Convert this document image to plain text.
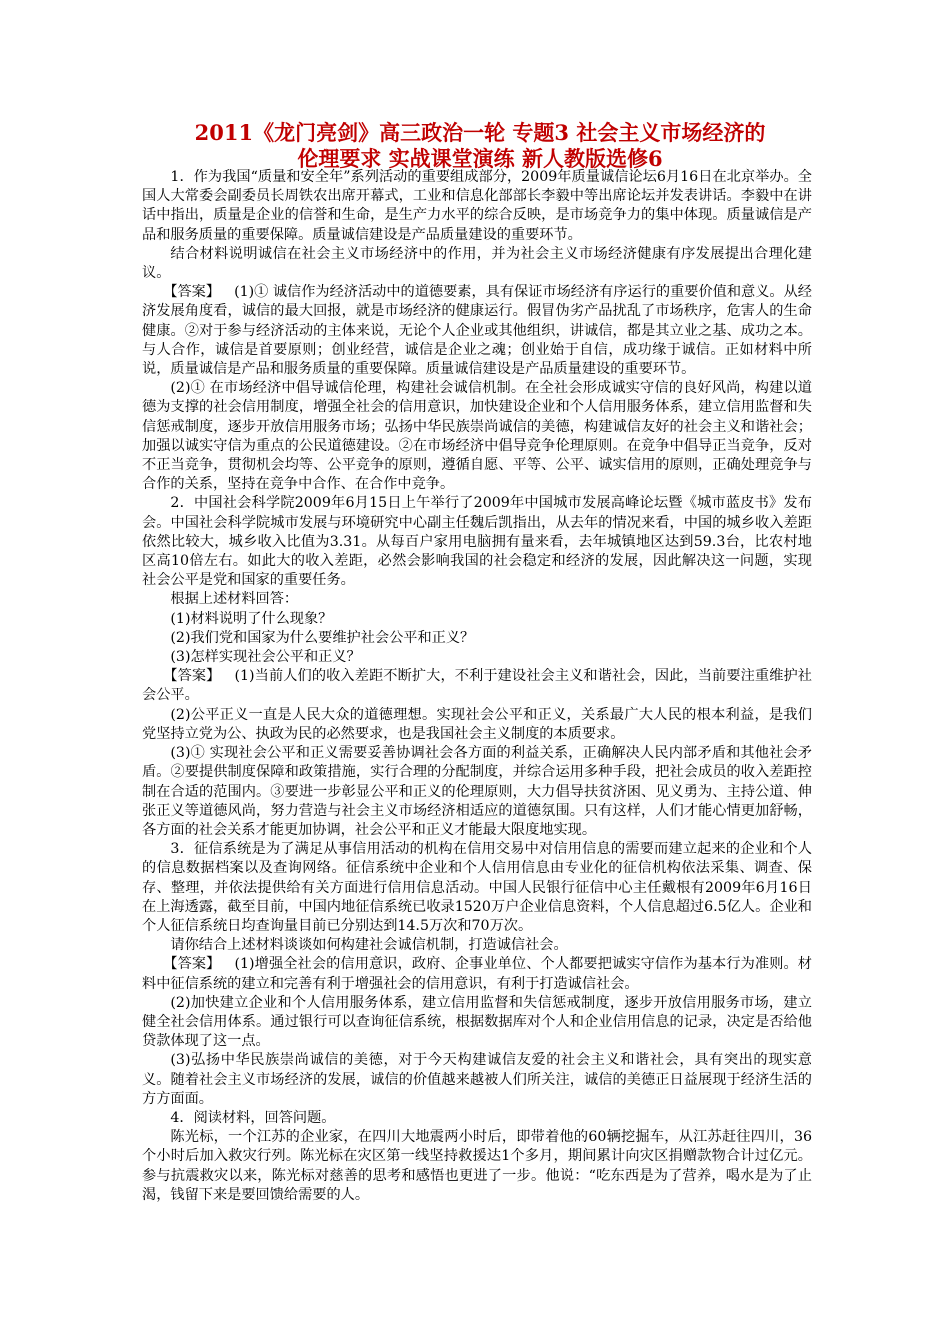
2011《龙门亮剑》高三政治一轮 专题3 社会主义市场经济的
伦理要求 实战课堂演练 新人教版选修6

1．作为我国“质量和安全年”系列活动的重要组成部分，2009年质量诚信论坛6月16日在北京举办。全国人大常委会副委员长周铁农出席开幕式，工业和信息化部部长李毅中等出席论坛并发表讲话。李毅中在讲话中指出，质量是企业的信誉和生命，是生产力水平的综合反映，是市场竞争力的集中体现。质量诚信是产品和服务质量的重要保障。质量诚信建设是产品质量建设的重要环节。

结合材料说明诚信在社会主义市场经济中的作用，并为社会主义市场经济健康有序发展提出合理化建议。

【答案】 (1)① 诚信作为经济活动中的道德要素，具有保证市场经济有序运行的重要价值和意义。从经济发展角度看，诚信的最大回报，就是市场经济的健康运行。假冒伪劣产品扰乱了市场秩序，危害人的生命健康。②对于参与经济活动的主体来说，无论个人企业或其他组织，讲诚信，都是其立业之基、成功之本。与人合作，诚信是首要原则；创业经营，诚信是企业之魂；创业始于自信，成功缘于诚信。正如材料中所说，质量诚信是产品和服务质量的重要保障。质量诚信建设是产品质量建设的重要环节。

(2)① 在市场经济中倡导诚信伦理，构建社会诚信机制。在全社会形成诚实守信的良好风尚，构建以道德为支撑的社会信用制度，增强全社会的信用意识，加快建设企业和个人信用服务体系，建立信用监督和失信惩戒制度，逐步开放信用服务市场；弘扬中华民族崇尚诚信的美德，构建诚信友好的社会主义和谐社会；加强以诚实守信为重点的公民道德建设。②在市场经济中倡导竞争伦理原则。在竞争中倡导正当竞争，反对不正当竞争，贯彻机会均等、公平竞争的原则，遵循自愿、平等、公平、诚实信用的原则，正确处理竞争与合作的关系，坚持在竞争中合作、在合作中竞争。

2．中国社会科学院2009年6月15日上午举行了2009年中国城市发展高峰论坛暨《城市蓝皮书》发布会。中国社会科学院城市发展与环境研究中心副主任魏后凯指出，从去年的情况来看，中国的城乡收入差距依然比较大，城乡收入比值为3.31。从每百户家用电脑拥有量来看，去年城镇地区达到59.3台，比农村地区高10倍左右。如此大的收入差距，必然会影响我国的社会稳定和经济的发展，因此解决这一问题，实现社会公平是党和国家的重要任务。

根据上述材料回答：

(1)材料说明了什么现象？

(2)我们党和国家为什么要维护社会公平和正义？

(3)怎样实现社会公平和正义？

【答案】 (1)当前人们的收入差距不断扩大，不利于建设社会主义和谐社会，因此，当前要注重维护社会公平。

(2)公平正义一直是人民大众的道德理想。实现社会公平和正义，关系最广大人民的根本利益，是我们党坚持立党为公、执政为民的必然要求，也是我国社会主义制度的本质要求。

(3)① 实现社会公平和正义需要妥善协调社会各方面的利益关系，正确解决人民内部矛盾和其他社会矛盾。②要提供制度保障和政策措施，实行合理的分配制度，并综合运用多种手段，把社会成员的收入差距控制在合适的范围内。③要进一步彰显公平和正义的伦理原则，大力倡导扶贫济困、见义勇为、主持公道、伸张正义等道德风尚，努力营造与社会主义市场经济相适应的道德氛围。只有这样，人们才能心情更加舒畅，各方面的社会关系才能更加协调，社会公平和正义才能最大限度地实现。

3．征信系统是为了满足从事信用活动的机构在信用交易中对信用信息的需要而建立起来的企业和个人的信息数据档案以及查询网络。征信系统中企业和个人信用信息由专业化的征信机构依法采集、调查、保存、整理，并依法提供给有关方面进行信用信息活动。中国人民银行征信中心主任戴根有2009年6月16日在上海透露，截至目前，中国内地征信系统已收录1520万户企业信息资料，个人信息超过6.5亿人。企业和个人征信系统日均查询量目前已分别达到14.5万次和70万次。

请你结合上述材料谈谈如何构建社会诚信机制，打造诚信社会。

【答案】 (1)增强全社会的信用意识，政府、企事业单位、个人都要把诚实守信作为基本行为准则。材料中征信系统的建立和完善有利于增强社会的信用意识，有利于打造诚信社会。

(2)加快建立企业和个人信用服务体系，建立信用监督和失信惩戒制度，逐步开放信用服务市场，建立健全社会信用体系。通过银行可以查询征信系统，根据数据库对个人和企业信用信息的记录，决定是否给他贷款体现了这一点。

(3)弘扬中华民族崇尚诚信的美德，对于今天构建诚信友爱的社会主义和谐社会，具有突出的现实意义。随着社会主义市场经济的发展，诚信的价值越来越被人们所关注，诚信的美德正日益展现于经济生活的方方面面。

4．阅读材料，回答问题。

陈光标，一个江苏的企业家，在四川大地震两小时后，即带着他的60辆挖掘车，从江苏赶往四川，36个小时后加入救灾行列。陈光标在灾区第一线坚持救援达1个多月，期间累计向灾区捐赠款物合计过亿元。参与抗震救灾以来，陈光标对慈善的思考和感悟也更进了一步。他说：“吃东西是为了营养，喝水是为了止渴，钱留下来是要回馈给需要的人。
